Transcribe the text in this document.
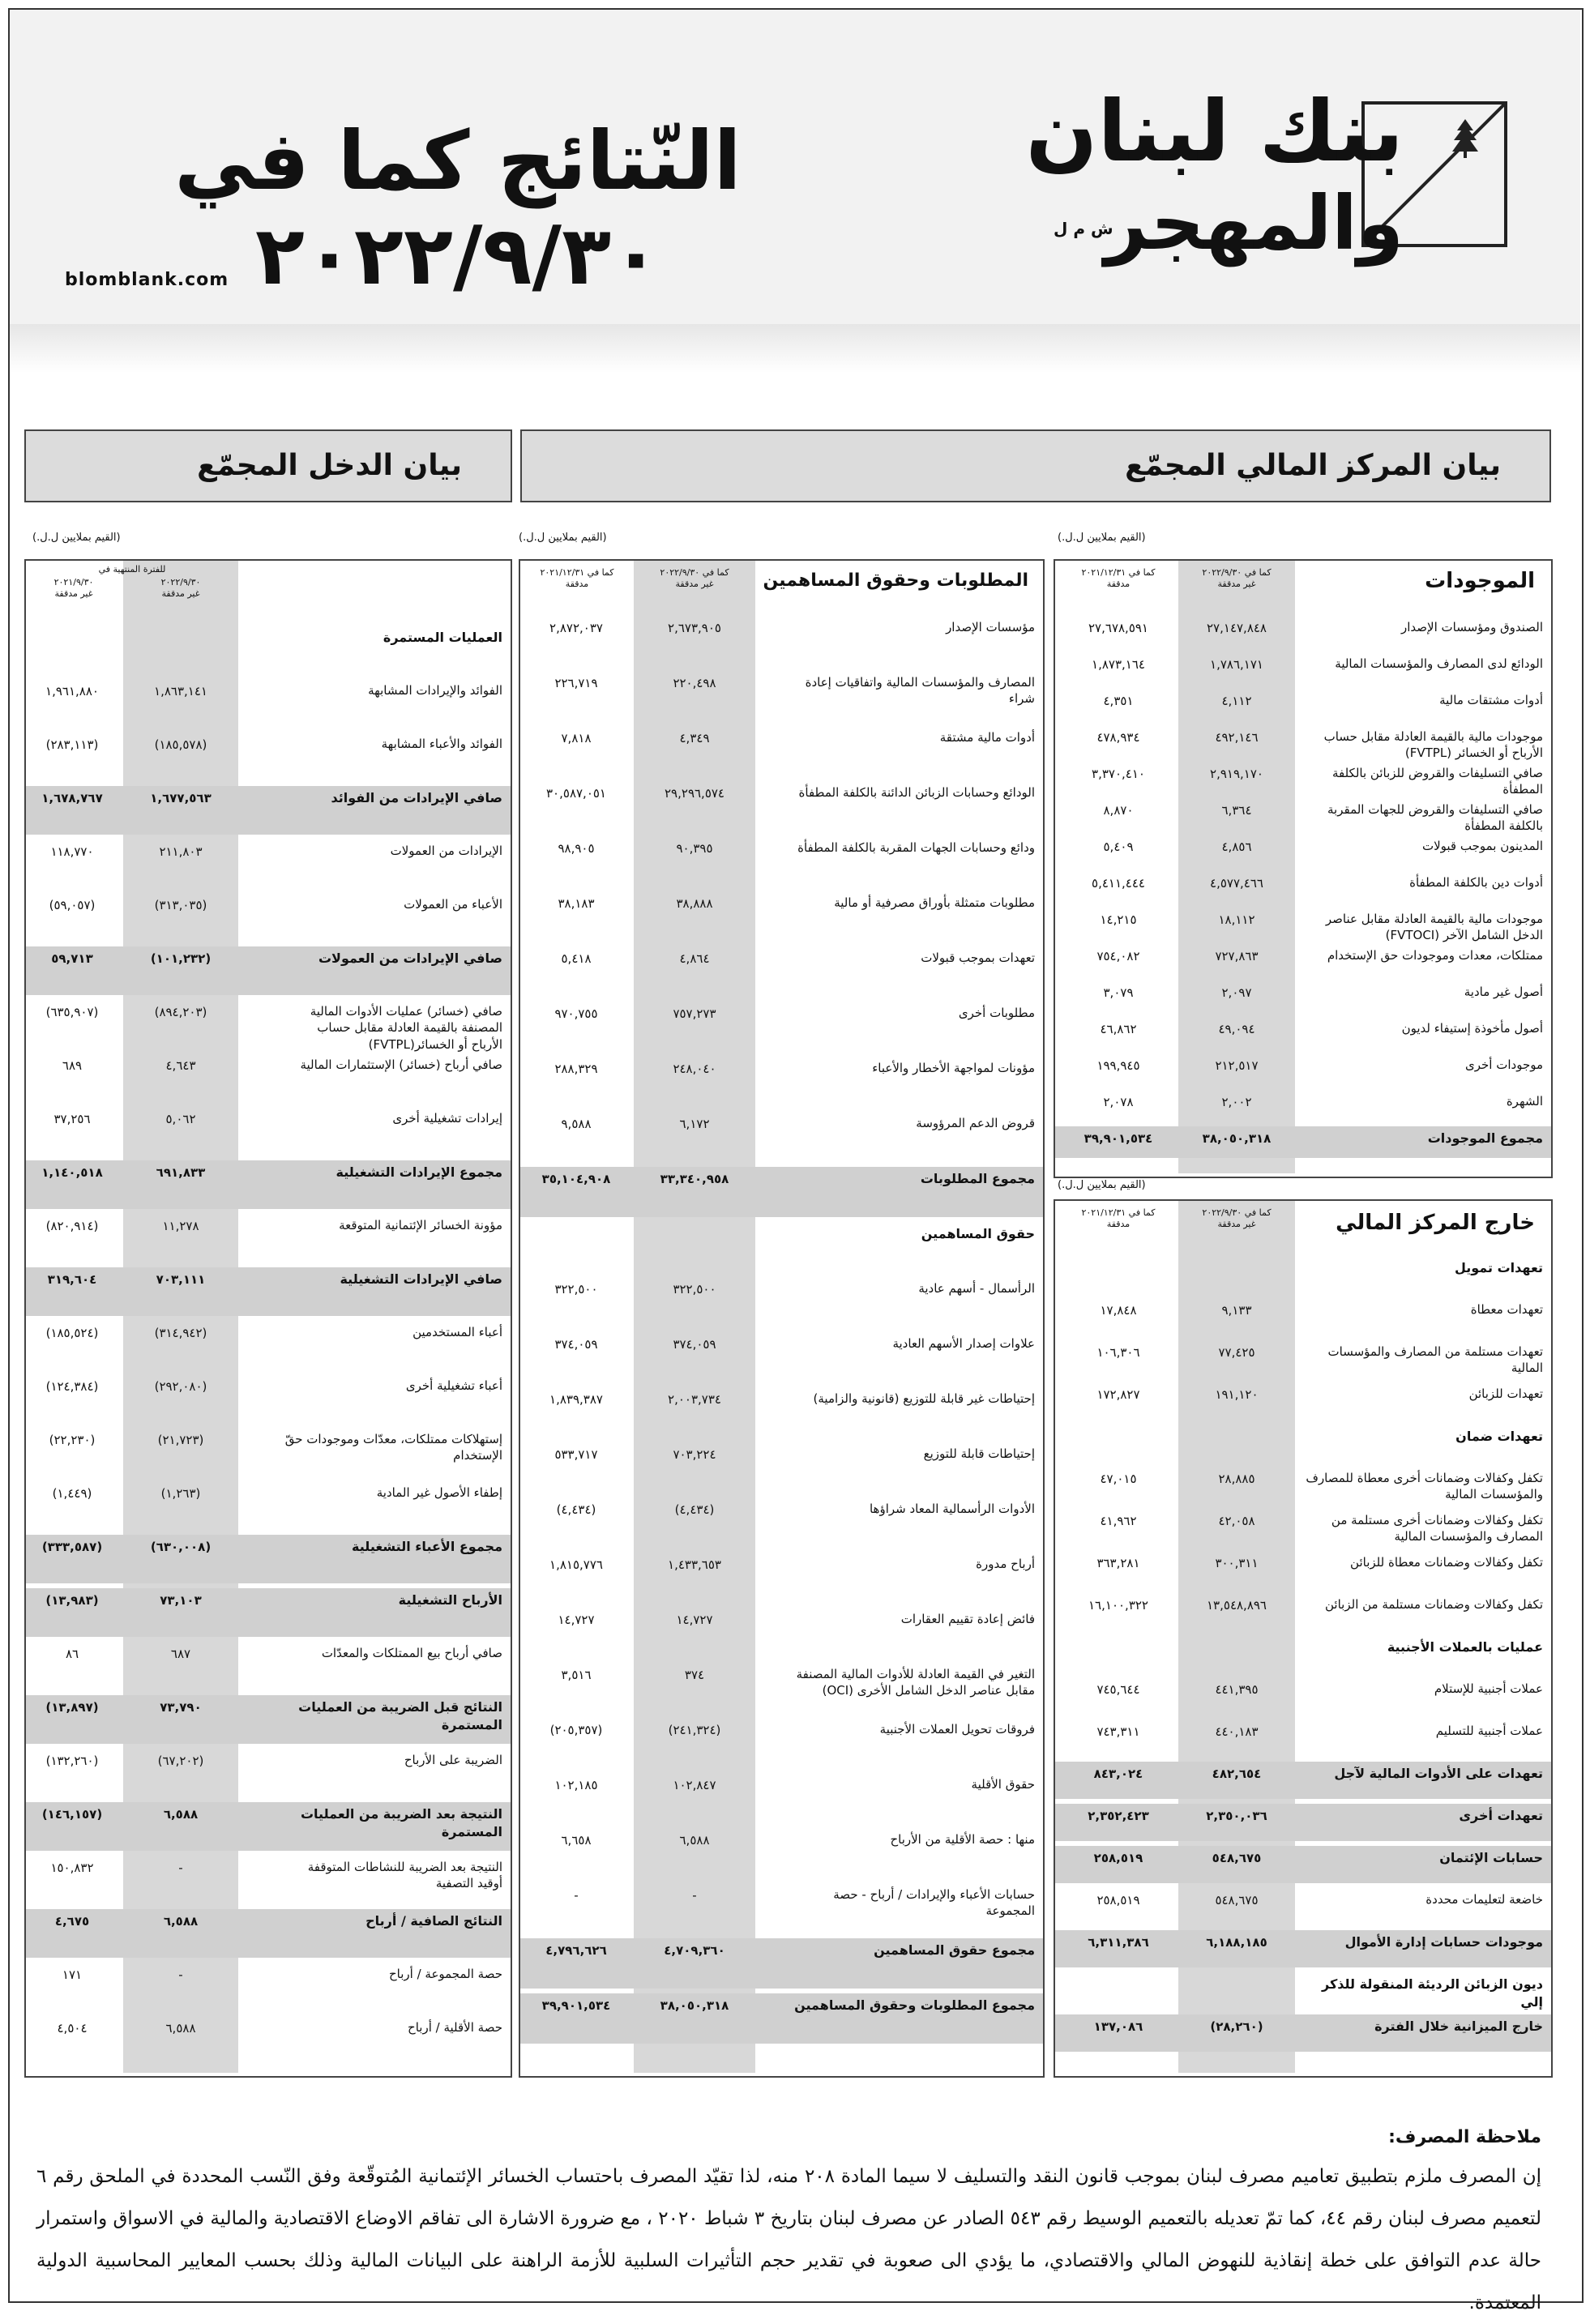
بنك لبنان
والمهجر
ش م ل
النّتائج كما في ٢٠٢٢/٩/٣٠
blomblank.com
بيان المركز المالي المجمّع
بيان الدخل المجمّع
(القيم بملايين ل.ل.)
(القيم بملايين ل.ل.)
(القيم بملايين ل.ل.)
(القيم بملايين ل.ل.)
الموجودات
كما في ٢٠٢٢/٩/٣٠
غير مدققة
كما في ٢٠٢١/١٢/٣١
مدققة
الصندوق ومؤسسات الإصدار
٢٧,١٤٧,٨٤٨
٢٧,٦٧٨,٥٩١
الودائع لدى المصارف والمؤسسات المالية
١,٧٨٦,١٧١
١,٨٧٣,١٦٤
أدوات مشتقات مالية
٤,١١٢
٤,٣٥١
موجودات مالية بالقيمة العادلة مقابل حساب الأرباح أو الخسائر (FVTPL)
٤٩٢,١٤٦
٤٧٨,٩٣٤
صافي التسليفات والقروض للزبائن بالكلفة المطفأة
٢,٩١٩,١٧٠
٣,٣٧٠,٤١٠
صافي التسليفات والقروض للجهات المقربة بالكلفة المطفأة
٦,٣٦٤
٨,٨٧٠
المدينون بموجب قبولات
٤,٨٥٦
٥,٤٠٩
أدوات دين بالكلفة المطفأة
٤,٥٧٧,٤٦٦
٥,٤١١,٤٤٤
موجودات مالية بالقيمة العادلة مقابل عناصر الدخل الشامل الآخر (FVTOCI)
١٨,١١٢
١٤,٢١٥
ممتلكات، معدات وموجودات حق الإستخدام
٧٢٧,٨٦٣
٧٥٤,٠٨٢
أصول غير مادية
٢,٠٩٧
٣,٠٧٩
أصول مأخوذة إستيفاء لديون
٤٩,٠٩٤
٤٦,٨٦٢
موجودات أخرى
٢١٢,٥١٧
١٩٩,٩٤٥
الشهرة
٢,٠٠٢
٢,٠٧٨
مجموع الموجودات
٣٨,٠٥٠,٣١٨
٣٩,٩٠١,٥٣٤
خارج المركز المالي
كما في ٢٠٢٢/٩/٣٠
غير مدققة
كما في ٢٠٢١/١٢/٣١
مدققة
تعهدات تمويل
تعهدات معطاة
٩,١٣٣
١٧,٨٤٨
تعهدات مستلمة من المصارف والمؤسسات المالية
٧٧,٤٢٥
١٠٦,٣٠٦
تعهدات للزبائن
١٩١,١٢٠
١٧٢,٨٢٧
تعهدات ضمان
تكفل وكفالات وضمانات أخرى معطاة للمصارف والمؤسسات المالية
٢٨,٨٨٥
٤٧,٠١٥
تكفل وكفالات وضمانات أخرى مستلمة من المصارف والمؤسسات المالية
٤٢,٠٥٨
٤١,٩٦٢
تكفل وكفالات وضمانات معطاة للزبائن
٣٠٠,٣١١
٣٦٣,٢٨١
تكفل وكفالات وضمانات مستلمة من الزبائن
١٣,٥٤٨,٨٩٦
١٦,١٠٠,٣٢٢
عمليات بالعملات الأجنبية
عملات أجنبية للإستلام
٤٤١,٣٩٥
٧٤٥,٦٤٤
عملات أجنبية للتسليم
٤٤٠,١٨٣
٧٤٣,٣١١
تعهدات على الأدوات المالية لآجل
٤٨٢,٦٥٤
٨٤٣,٠٢٤
تعهدات أخرى
٢,٣٥٠,٠٣٦
٢,٣٥٢,٤٢٣
حسابات الإئتمان
٥٤٨,٦٧٥
٢٥٨,٥١٩
خاضعة لتعليمات محددة
٥٤٨,٦٧٥
٢٥٨,٥١٩
موجودات حسابات إدارة الأموال
٦,١٨٨,١٨٥
٦,٣١١,٣٨٦
ديون الزبائن الرديئة المنقولة للذكر إلي
خارج الميزانية خلال الفترة
(٢٨,٢٦٠)
١٣٧,٠٨٦
المطلوبات وحقوق المساهمين
كما في ٢٠٢٢/٩/٣٠
غير مدققة
كما في ٢٠٢١/١٢/٣١
مدققة
مؤسسات الإصدار
٢,٦٧٣,٩٠٥
٢,٨٧٢,٠٣٧
المصارف والمؤسسات المالية واتفاقيات إعادة شراء
٢٢٠,٤٩٨
٢٢٦,٧١٩
أدوات مالية مشتقة
٤,٣٤٩
٧,٨١٨
الودائع وحسابات الزبائن الدائنة بالكلفة المطفأة
٢٩,٢٩٦,٥٧٤
٣٠,٥٨٧,٠٥١
ودائع وحسابات الجهات المقربة بالكلفة المطفأة
٩٠,٣٩٥
٩٨,٩٠٥
مطلوبات متمثلة بأوراق مصرفية أو مالية
٣٨,٨٨٨
٣٨,١٨٣
تعهدات بموجب قبولات
٤,٨٦٤
٥,٤١٨
مطلوبات أخرى
٧٥٧,٢٧٣
٩٧٠,٧٥٥
مؤونات لمواجهة الأخطار والأعباء
٢٤٨,٠٤٠
٢٨٨,٣٢٩
قروض الدعم المرؤوسة
٦,١٧٢
٩,٥٨٨
مجموع المطلوبات
٣٣,٣٤٠,٩٥٨
٣٥,١٠٤,٩٠٨
حقوق المساهمين
الرأسمال - أسهم عادية
٣٢٢,٥٠٠
٣٢٢,٥٠٠
علاوات إصدار الأسهم العادية
٣٧٤,٠٥٩
٣٧٤,٠٥٩
إحتياطات غير قابلة للتوزيع (قانونية والزامية)
٢,٠٠٣,٧٣٤
١,٨٣٩,٣٨٧
إحتياطات قابلة للتوزيع
٧٠٣,٢٢٤
٥٣٣,٧١٧
الأدوات الرأسمالية المعاد شراؤها
(٤,٤٣٤)
(٤,٤٣٤)
أرباح مدورة
١,٤٣٣,٦٥٣
١,٨١٥,٧٧٦
فائض إعادة تقييم العقارات
١٤,٧٢٧
١٤,٧٢٧
التغير في القيمة العادلة للأدوات المالية المصنفة مقابل عناصر الدخل الشامل الأخرى (OCI)
٣٧٤
٣,٥١٦
فروقات تحويل العملات الأجنبية
(٢٤١,٣٢٤)
(٢٠٥,٣٥٧)
حقوق الأقلية
١٠٢,٨٤٧
١٠٢,١٨٥
منها : حصة الأقلية من الأرباح
٦,٥٨٨
٦,٦٥٨
حسابات الأعباء والإيرادات / أرباح - حصة المجموعة
-
-
مجموع حقوق المساهمين
٤,٧٠٩,٣٦٠
٤,٧٩٦,٦٢٦
مجموع المطلوبات وحقوق المساهمين
٣٨,٠٥٠,٣١٨
٣٩,٩٠١,٥٣٤
للفترة المنتهية في
٢٠٢٢/٩/٣٠
غير مدققة
٢٠٢١/٩/٣٠
غير مدققة
العمليات المستمرة
الفوائد والإيرادات المشابهة
١,٨٦٣,١٤١
١,٩٦١,٨٨٠
الفوائد والأعباء المشابهة
(١٨٥,٥٧٨)
(٢٨٣,١١٣)
صافي الإيرادات من الفوائد
١,٦٧٧,٥٦٣
١,٦٧٨,٧٦٧
الإيرادات من العمولات
٢١١,٨٠٣
١١٨,٧٧٠
الأعباء من العمولات
(٣١٣,٠٣٥)
(٥٩,٠٥٧)
صافي الإيرادات من العمولات
(١٠١,٢٣٢)
٥٩,٧١٣
صافي (خسائر) عمليات الأدوات المالية المصنفة بالقيمة العادلة مقابل حساب الأرباح أو الخسائر(FVTPL)
(٨٩٤,٢٠٣)
(٦٣٥,٩٠٧)
صافي أرباح (خسائر) الإستثمارات المالية
٤,٦٤٣
٦٨٩
إيرادات تشغيلية أخرى
٥,٠٦٢
٣٧,٢٥٦
مجموع الإيرادات التشغيلية
٦٩١,٨٣٣
١,١٤٠,٥١٨
مؤونة الخسائر الإئتمانية المتوقعة
١١,٢٧٨
(٨٢٠,٩١٤)
صافي الإيرادات التشغيلية
٧٠٣,١١١
٣١٩,٦٠٤
أعباء المستخدمين
(٣١٤,٩٤٢)
(١٨٥,٥٢٤)
أعباء تشغيلية أخرى
(٢٩٢,٠٨٠)
(١٢٤,٣٨٤)
إستهلاكات ممتلكات، معدّات وموجودات حقّ الإستخدام
(٢١,٧٢٣)
(٢٢,٢٣٠)
إطفاء الأصول غير المادية
(١,٢٦٣)
(١,٤٤٩)
مجموع الأعباء التشغيلية
(٦٣٠,٠٠٨)
(٣٣٣,٥٨٧)
الأرباح التشغيلية
٧٣,١٠٣
(١٣,٩٨٣)
صافي أرباح بيع الممتلكات والمعدّات
٦٨٧
٨٦
النتائج قبل الضريبة من العمليات المستمرة
٧٣,٧٩٠
(١٣,٨٩٧)
الضريبة على الأرباح
(٦٧,٢٠٢)
(١٣٢,٢٦٠)
النتيجة بعد الضريبة من العمليات المستمرة
٦,٥٨٨
(١٤٦,١٥٧)
النتيجة بعد الضريبة للنشاطات المتوقفة أوقيد التصفية
-
١٥٠,٨٣٢
النتائج الصافية / أرباح
٦,٥٨٨
٤,٦٧٥
حصة المجموعة / أرباح
-
١٧١
حصة الأقلية / أرباح
٦,٥٨٨
٤,٥٠٤
ملاحظة المصرف:
إن المصرف ملزم بتطبيق تعاميم مصرف لبنان بموجب قانون النقد والتسليف لا سيما المادة ٢٠٨ منه، لذا تقيّد المصرف باحتساب الخسائر الإئتمانية المُتوقّعة وفق النّسب المحددة في الملحق رقم ٦ لتعميم مصرف لبنان رقم ٤٤، كما تمّ تعديله بالتعميم الوسيط رقم ٥٤٣ الصادر عن مصرف لبنان بتاريخ ٣ شباط ٢٠٢٠ ، مع ضرورة الاشارة الى تفاقم الاوضاع الاقتصادية والمالية في الاسواق واستمرار حالة عدم التوافق على خطة إنقاذية للنهوض المالي والاقتصادي، ما يؤدي الى صعوبة في تقدير حجم التأثيرات السلبية للأزمة الراهنة على البيانات المالية وذلك بحسب المعايير المحاسبية الدولية المعتمدة.
